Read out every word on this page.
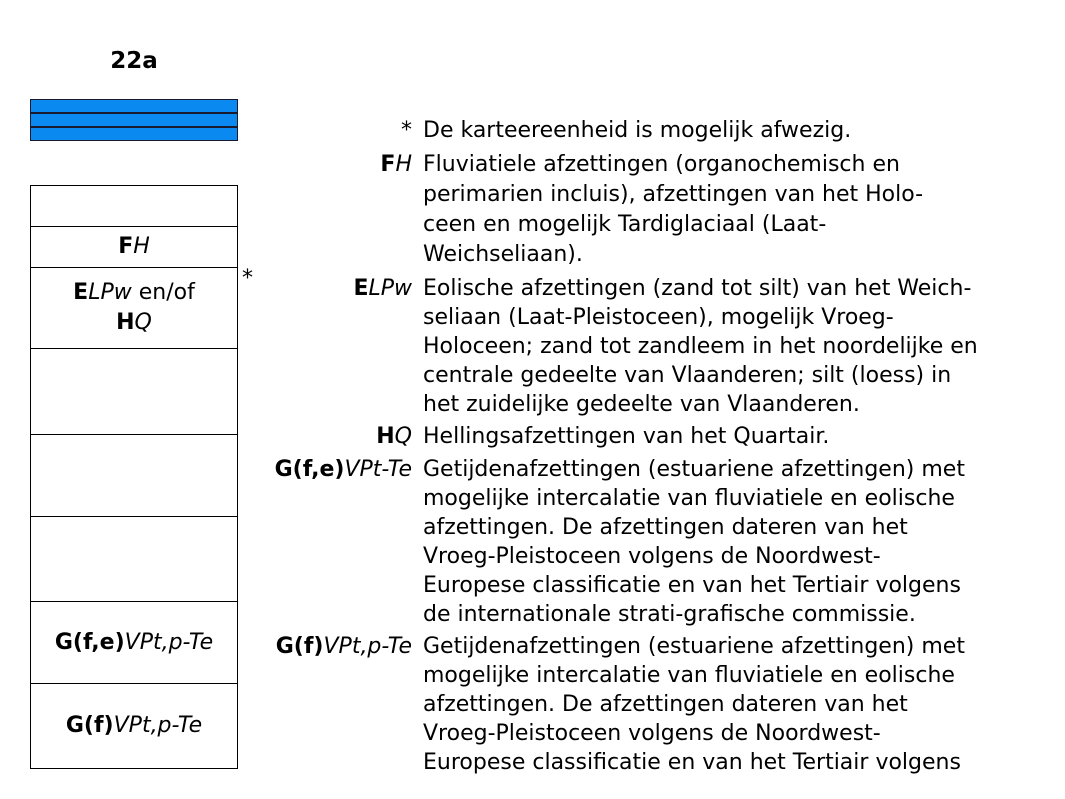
22a
FH
ELPw en/of
HQ
G(f,e)VPt,p-Te
G(f)VPt,p-Te
*
* De karteereenheid is mogelijk afwezig.
FH Fluviatiele afzettingen (organochemisch en
perimarien incluis), afzettingen van het Holo-
ceen en mogelijk Tardiglaciaal (Laat-
Weichseliaan).
ELPw Eolische afzettingen (zand tot silt) van het Weich-
seliaan (Laat-Pleistoceen), mogelijk Vroeg-
Holoceen; zand tot zandleem in het noordelijke en
centrale gedeelte van Vlaanderen; silt (loess) in
het zuidelijke gedeelte van Vlaanderen.
HQ Hellingsafzettingen van het Quartair.
G(f,e)VPt-Te Getijdenafzettingen (estuariene afzettingen) met
mogelijke intercalatie van fluviatiele en eolische
afzettingen. De afzettingen dateren van het
Vroeg-Pleistoceen volgens de Noordwest-
Europese classificatie en van het Tertiair volgens
de internationale strati-grafische commissie.
G(f)VPt,p-Te Getijdenafzettingen (estuariene afzettingen) met
mogelijke intercalatie van fluviatiele en eolische
afzettingen. De afzettingen dateren van het
Vroeg-Pleistoceen volgens de Noordwest-
Europese classificatie en van het Tertiair volgens
